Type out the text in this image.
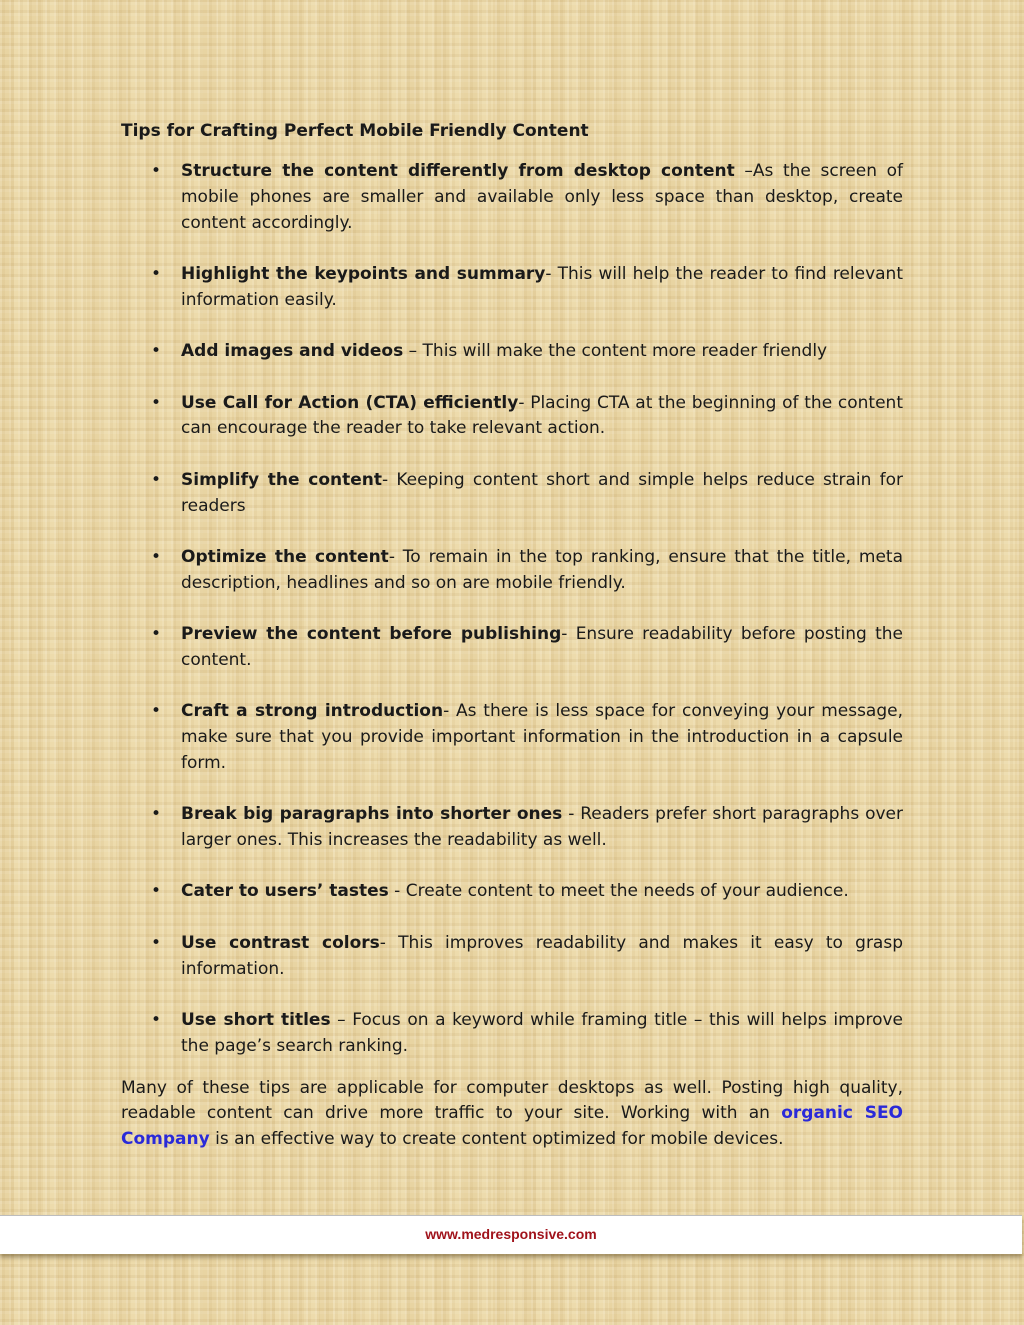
Tips for Crafting Perfect Mobile Friendly Content

• Structure the content differently from desktop content –As the screen of mobile phones are smaller and available only less space than desktop, create content accordingly.
• Highlight the keypoints and summary- This will help the reader to find relevant information easily.
• Add images and videos – This will make the content more reader friendly
• Use Call for Action (CTA) efficiently- Placing CTA at the beginning of the content can encourage the reader to take relevant action.
• Simplify the content- Keeping content short and simple helps reduce strain for readers
• Optimize the content- To remain in the top ranking, ensure that the title, meta description, headlines and so on are mobile friendly.
• Preview the content before publishing- Ensure readability before posting the content.
• Craft a strong introduction- As there is less space for conveying your message, make sure that you provide important information in the introduction in a capsule form.
• Break big paragraphs into shorter ones - Readers prefer short paragraphs over larger ones. This increases the readability as well.
• Cater to users’ tastes - Create content to meet the needs of your audience.
• Use contrast colors- This improves readability and makes it easy to grasp information.
• Use short titles – Focus on a keyword while framing title – this will helps improve the page’s search ranking.

Many of these tips are applicable for computer desktops as well. Posting high quality, readable content can drive more traffic to your site. Working with an organic SEO Company is an effective way to create content optimized for mobile devices.

www.medresponsive.com
